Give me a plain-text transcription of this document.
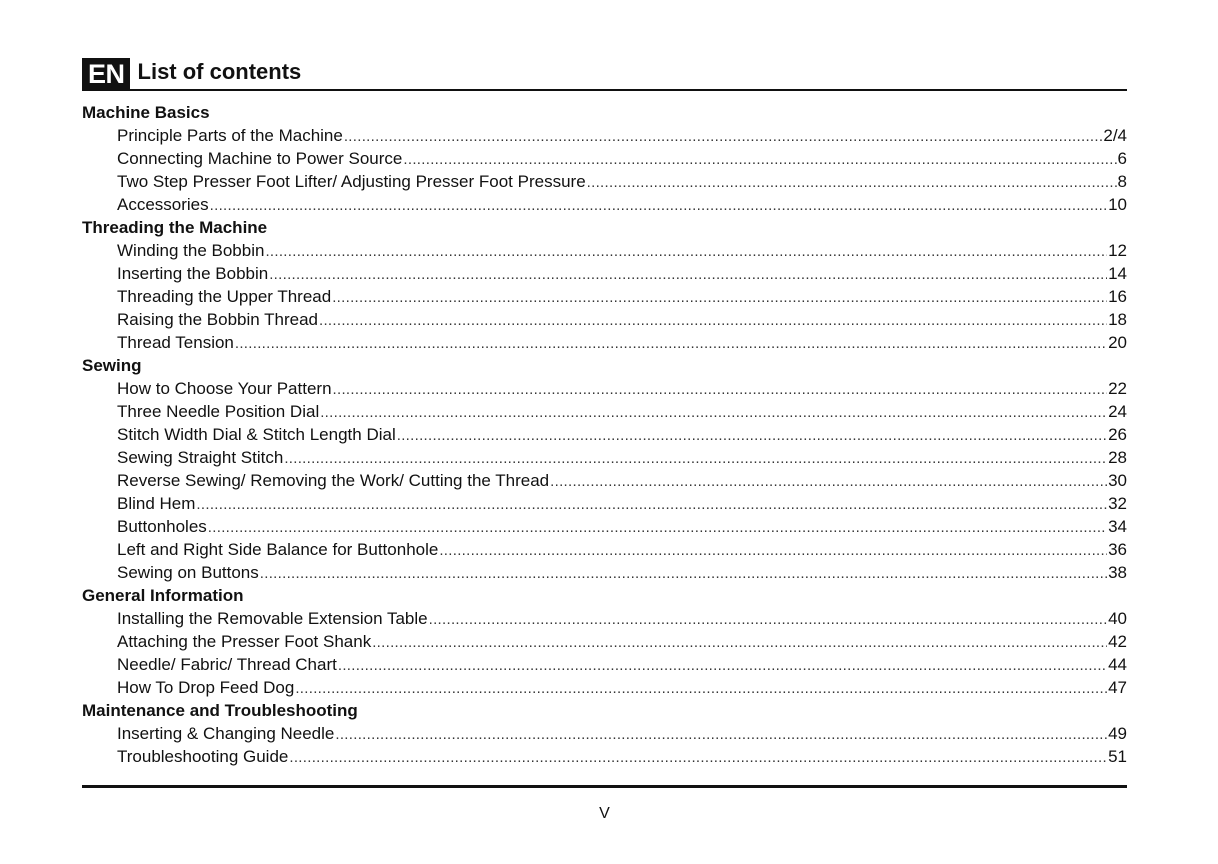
EN List of contents
Machine Basics
Principle Parts of the Machine .....	2/4
Connecting Machine to Power Source .....	6
Two Step Presser Foot Lifter/ Adjusting Presser Foot Pressure .....	8
Accessories .....	10
Threading the Machine
Winding the Bobbin .....	12
Inserting the Bobbin .....	14
Threading the Upper Thread .....	16
Raising the Bobbin Thread .....	18
Thread Tension .....	20
Sewing
How to Choose Your Pattern .....	22
Three Needle Position Dial .....	24
Stitch Width Dial & Stitch Length Dial .....	26
Sewing Straight Stitch .....	28
Reverse Sewing/ Removing the Work/ Cutting the Thread .....	30
Blind Hem .....	32
Buttonholes .....	34
Left and Right Side Balance for Buttonhole .....	36
Sewing on Buttons .....	38
General Information
Installing the Removable Extension Table .....	40
Attaching the Presser Foot Shank .....	42
Needle/ Fabric/ Thread Chart .....	44
How To Drop Feed Dog .....	47
Maintenance and Troubleshooting
Inserting & Changing Needle .....	49
Troubleshooting Guide .....	51
V
